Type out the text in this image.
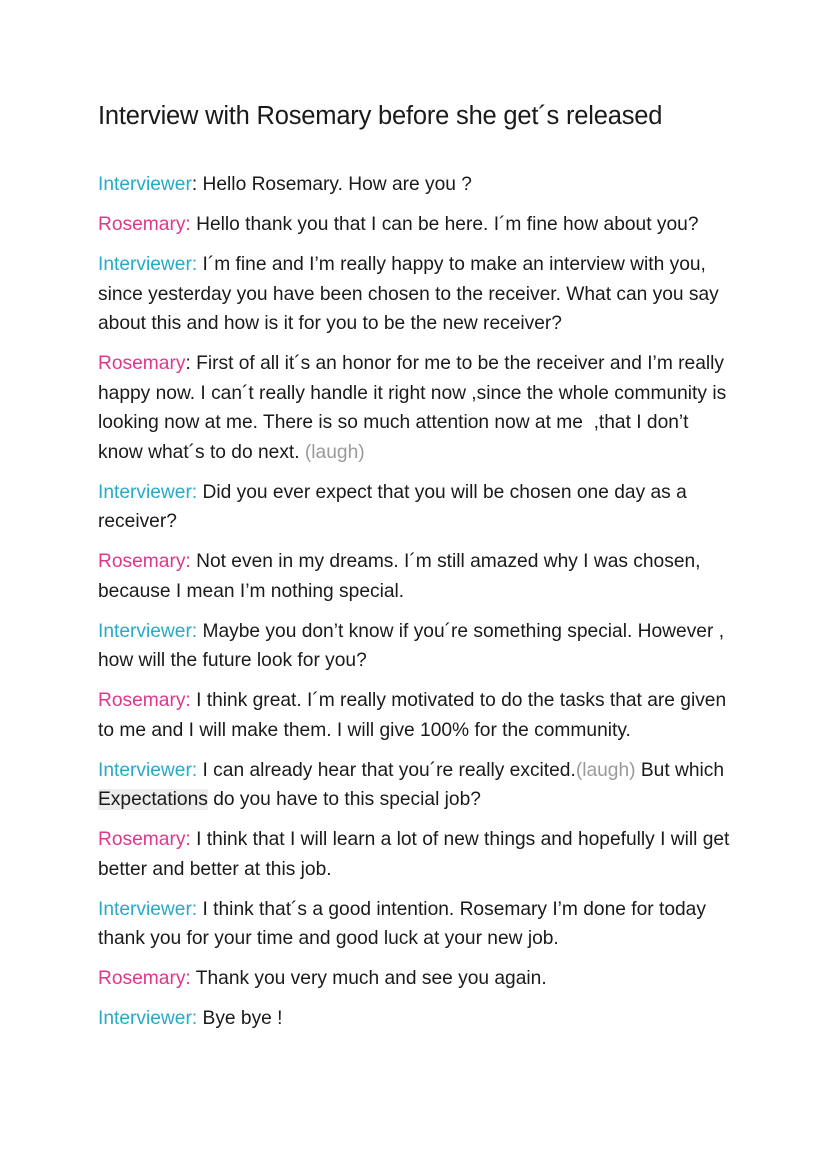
Interview with Rosemary before she get´s released

Interviewer: Hello Rosemary. How are you ?

Rosemary: Hello thank you that I can be here. I´m fine how about you?

Interviewer: I´m fine and I’m really happy to make an interview with you, since yesterday you have been chosen to the receiver. What can you say about this and how is it for you to be the new receiver?

Rosemary: First of all it´s an honor for me to be the receiver and I’m really happy now. I can´t really handle it right now ,since the whole community is looking now at me. There is so much attention now at me  ,that I don’t know what´s to do next. (laugh)

Interviewer: Did you ever expect that you will be chosen one day as a receiver?

Rosemary: Not even in my dreams. I´m still amazed why I was chosen, because I mean I’m nothing special.

Interviewer: Maybe you don’t know if you´re something special. However , how will the future look for you?

Rosemary: I think great. I´m really motivated to do the tasks that are given to me and I will make them. I will give 100% for the community.

Interviewer: I can already hear that you´re really excited.(laugh) But which Expectations do you have to this special job?

Rosemary: I think that I will learn a lot of new things and hopefully I will get better and better at this job.

Interviewer: I think that´s a good intention. Rosemary I’m done for today thank you for your time and good luck at your new job.

Rosemary: Thank you very much and see you again.

Interviewer: Bye bye !
